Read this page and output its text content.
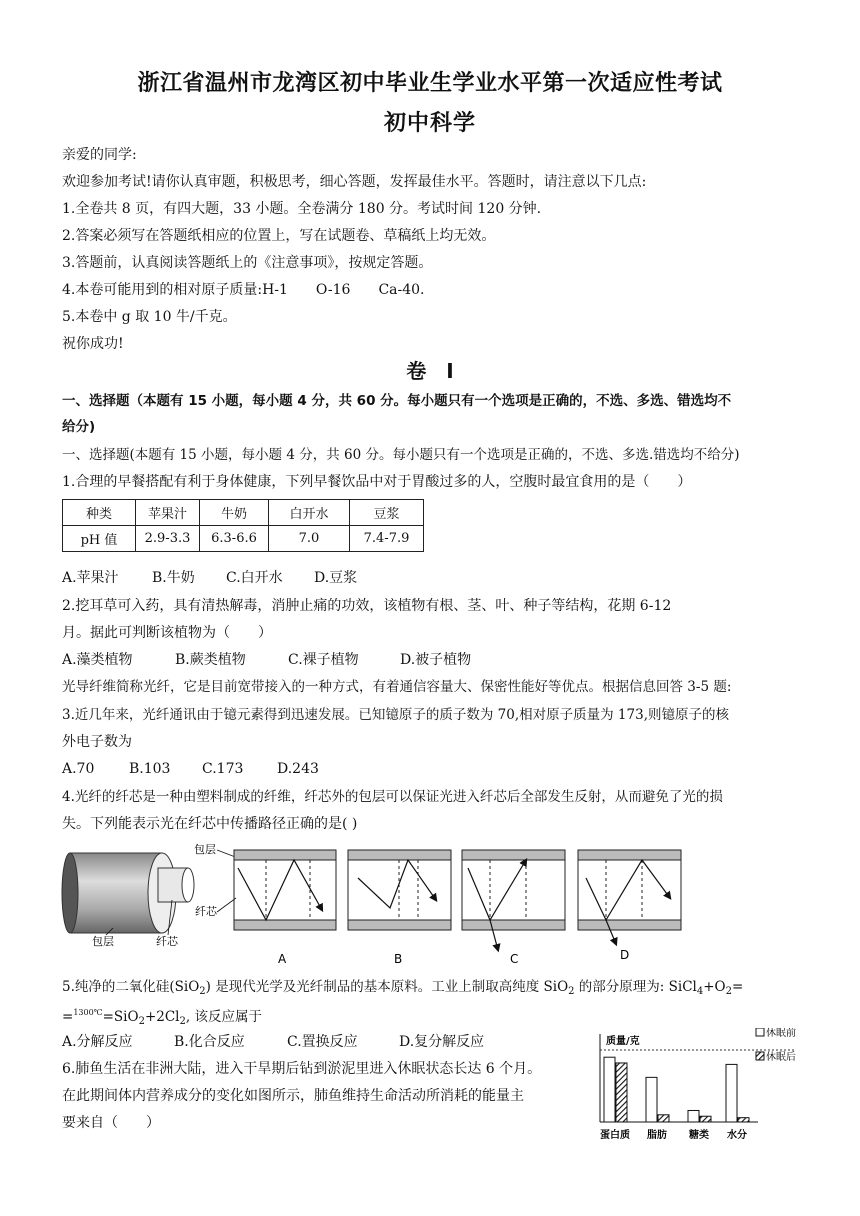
浙江省温州市龙湾区初中毕业生学业水平第一次适应性考试
初中科学
亲爱的同学:
欢迎参加考试!请你认真审题，积极思考，细心答题，发挥最佳水平。答题时，请注意以下几点:
1.全卷共 8 页，有四大题，33 小题。全卷满分 180 分。考试时间 120 分钟.
2.答案必须写在答题纸相应的位置上，写在试题卷、草稿纸上均无效。
3.答题前，认真阅读答题纸上的《注意事项》，按规定答题。
4.本卷可能用到的相对原子质量:H-1　　O-16　　Ca-40.
5.本卷中 g 取 10 牛/千克。
祝你成功!
卷　I
一、选择题（本题有 15 小题，每小题 4 分，共 60 分。每小题只有一个选项是正确的，不选、多选、错选均不
给分)
一、选择题(本题有 15 小题，每小题 4 分，共 60 分。每小题只有一个选项是正确的，不选、多选.错选均不给分)
1.合理的早餐搭配有利于身体健康，下列早餐饮品中对于胃酸过多的人，空腹时最宜食用的是（　　）
种类	苹果汁	牛奶	白开水	豆浆
pH 值	2.9-3.3	6.3-6.6	7.0	7.4-7.9
A.苹果汁 B.牛奶 C.白开水 D.豆浆
2.挖耳草可入药，具有清热解毒，消肿止痛的功效，该植物有根、茎、叶、种子等结构，花期 6-12
月。据此可判断该植物为（　　）
A.藻类植物	B.蕨类植物	C.裸子植物	D.被子植物
光导纤维简称光纤，它是目前宽带接入的一种方式，有着通信容量大、保密性能好等优点。根据信息回答 3-5 题:
3.近几年来，光纤通讯由于镱元素得到迅速发展。已知镱原子的质子数为 70,相对原子质量为 173,则镱原子的核
外电子数为
A.70 B.103 C.173 D.243
4.光纤的纤芯是一种由塑料制成的纤维，纤芯外的包层可以保证光进入纤芯后全部发生反射，从而避免了光的损
失。下列能表示光在纤芯中传播路径正确的是( )
包层
纤芯
包层	纤芯
A	B	C	D
5.纯净的二氧化硅(SiO$_2$) 是现代光学及光纤制品的基本原料。工业上制取高纯度 SiO$_2$ 的部分原理为: $SiCl_4+O_2=$
$=^{1300℃}=SiO_2+2Cl_2$, 该反应属于
A.分解反应	B.化合反应	C.置换反应	D.复分解反应
6.肺鱼生活在非洲大陆，进入干旱期后钻到淤泥里进入休眠状态长达 6 个月。
在此期间体内营养成分的变化如图所示，肺鱼维持生命活动所消耗的能量主
要来自（　　）
质量/克
蛋白质 脂肪 糖类 水分
休眠前
休眠后
